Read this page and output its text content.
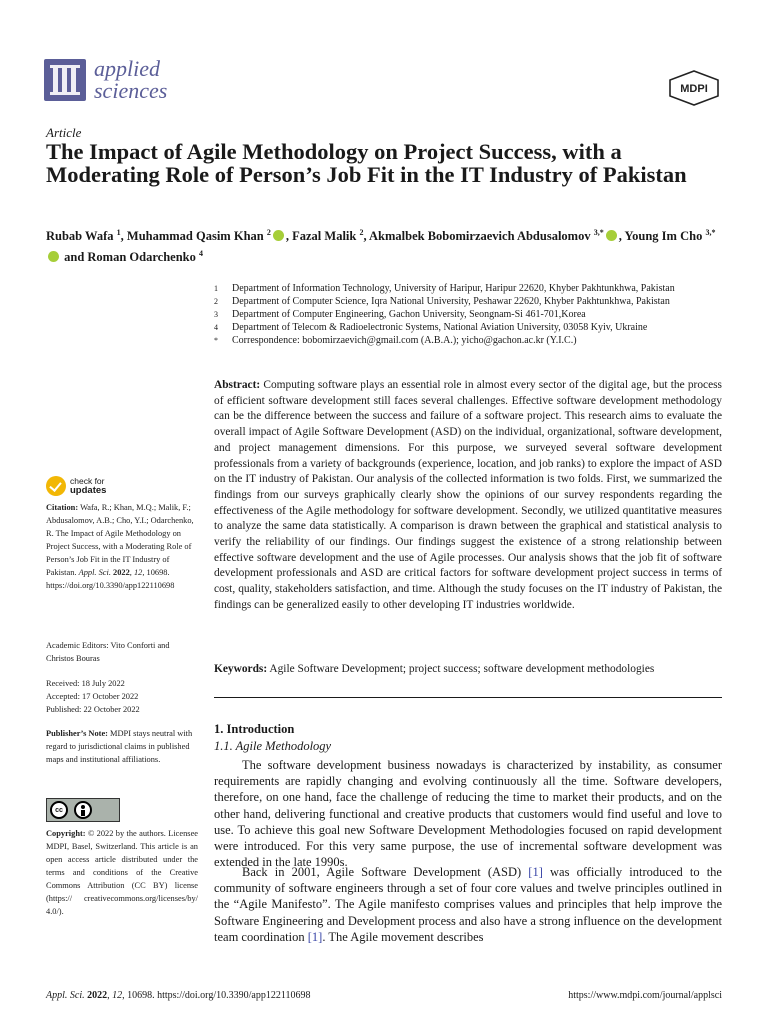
applied
sciences	MDPI
Article
The Impact of Agile Methodology on Project Success, with a Moderating Role of Person’s Job Fit in the IT Industry of Pakistan
Rubab Wafa $^1$, Muhammad Qasim Khan $^2$ , Fazal Malik $^2$, Akmalbek Bobomirzaevich Abdusalomov $^{3,*}$ , Young Im Cho $^{3,*}$ and Roman Odarchenko $^4$
1	Department of Information Technology, University of Haripur, Haripur 22620, Khyber Pakhtunkhwa, Pakistan
2	Department of Computer Science, Iqra National University, Peshawar 22620, Khyber Pakhtunkhwa, Pakistan
3	Department of Computer Engineering, Gachon University, Seongnam-Si 461-701,Korea
4	Department of Telecom & Radioelectronic Systems, National Aviation University, 03058 Kyiv, Ukraine
*	Correspondence: bobomirzaevich@gmail.com (A.B.A.); yicho@gachon.ac.kr (Y.I.C.)
Abstract: Computing software plays an essential role in almost every sector of the digital age, but the process of efficient software development still faces several challenges. Effective software development methodology can be the difference between the success and failure of a software project. This research aims to evaluate the overall impact of Agile Software Development (ASD) on the individual, organizational, software development, and project management dimensions. For this purpose, we surveyed several software development professionals from a variety of backgrounds (experience, location, and job ranks) to explore the impact of ASD on the IT industry of Pakistan. Our analysis of the collected information is two folds. First, we summarized the findings from our surveys graphically clearly show the opinions of our survey respondents regarding the effectiveness of the Agile methodology for software development. Secondly, we utilized quantitative measures to analyze the same data statistically. A comparison is drawn between the graphical and statistical analysis to verify the reliability of our findings. Our findings suggest the existence of a strong relationship between effective software development and the use of Agile processes. Our analysis shows that the job fit of software development professionals and ASD are critical factors for software development project success in terms of cost, quality, stakeholders satisfaction, and time. Although the study focuses on the IT industry of Pakistan, the findings can be generalized easily to other developing IT industries worldwide.
Keywords: Agile Software Development; project success; software development methodologies
check for
updates
Citation: Wafa, R.; Khan, M.Q.; Malik, F.; Abdusalomov, A.B.; Cho, Y.I.; Odarchenko, R. The Impact of Agile Methodology on Project Success, with a Moderating Role of Person’s Job Fit in the IT Industry of Pakistan. Appl. Sci. 2022, 12, 10698. https://doi.org/10.3390/app122110698
Academic Editors: Vito Conforti and Christos Bouras
Received: 18 July 2022
Accepted: 17 October 2022
Published: 22 October 2022
Publisher’s Note: MDPI stays neutral with regard to jurisdictional claims in published maps and institutional affiliations.
cc
Copyright: © 2022 by the authors. Licensee MDPI, Basel, Switzerland. This article is an open access article distributed under the terms and conditions of the Creative Commons Attribution (CC BY) license (https:// creativecommons.org/licenses/by/ 4.0/).
1. Introduction
1.1. Agile Methodology
The software development business nowadays is characterized by instability, as consumer requirements are rapidly changing and evolving continuously all the time. Software developers, therefore, on one hand, face the challenge of reducing the time to market their products, and on the other hand, delivering functional and creative products that customers would find useful and love to use. To achieve this goal new Software Development Methodologies focused on rapid development were introduced. For this very same purpose, the use of incremental software development was extended in the late 1990s.
Back in 2001, Agile Software Development (ASD) [1] was officially introduced to the community of software engineers through a set of four core values and twelve principles outlined in the “Agile Manifesto”. The Agile manifesto comprises values and principles that help improve the Software Engineering and Development process and also have a strong influence on the development team coordination [1]. The Agile movement describes
Appl. Sci. 2022, 12, 10698. https://doi.org/10.3390/app122110698	https://www.mdpi.com/journal/applsci
